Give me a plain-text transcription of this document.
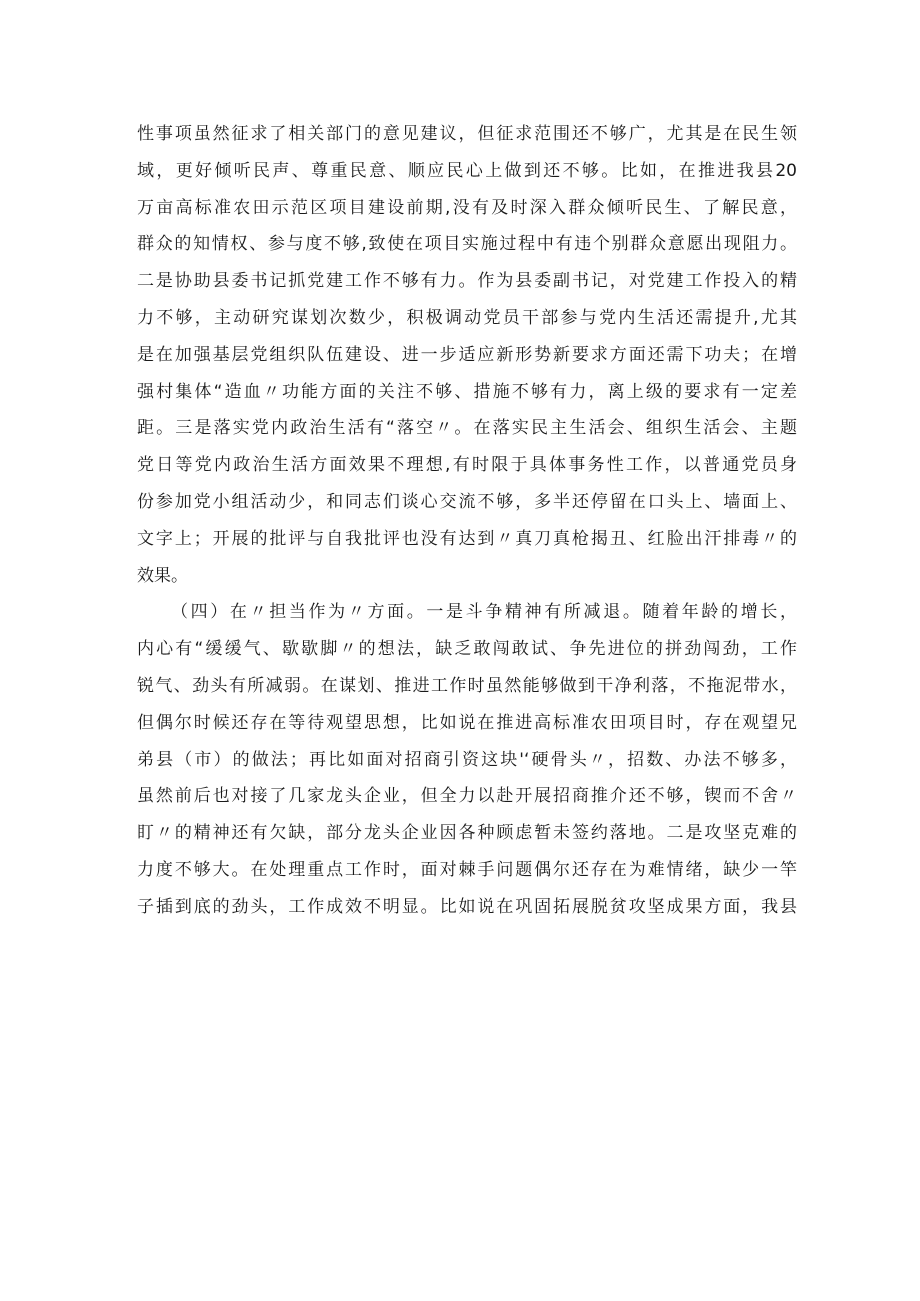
性事项虽然征求了相关部门的意见建议，但征求范围还不够广，尤其是在民生领
域，更好倾听民声、尊重民意、顺应民心上做到还不够。比如，在推进我县20
万亩高标准农田示范区项目建设前期,没有及时深入群众倾听民生、了解民意，
群众的知情权、参与度不够,致使在项目实施过程中有违个别群众意愿出现阻力。
二是协助县委书记抓党建工作不够有力。作为县委副书记，对党建工作投入的精
力不够，主动研究谋划次数少，积极调动党员干部参与党内生活还需提升,尤其
是在加强基层党组织队伍建设、进一步适应新形势新要求方面还需下功夫；在增
强村集体“造血〃功能方面的关注不够、措施不够有力，离上级的要求有一定差
距。三是落实党内政治生活有“落空〃。在落实民主生活会、组织生活会、主题
党日等党内政治生活方面效果不理想,有时限于具体事务性工作，以普通党员身
份参加党小组活动少，和同志们谈心交流不够，多半还停留在口头上、墙面上、
文字上；开展的批评与自我批评也没有达到〃真刀真枪揭丑、红脸出汗排毒〃的
效果。
（四）在〃担当作为〃方面。一是斗争精神有所减退。随着年龄的增长，
内心有“缓缓气、歇歇脚〃的想法，缺乏敢闯敢试、争先进位的拼劲闯劲，工作
锐气、劲头有所减弱。在谋划、推进工作时虽然能够做到干净利落，不拖泥带水，
但偶尔时候还存在等待观望思想，比如说在推进高标准农田项目时，存在观望兄
弟县（市）的做法；再比如面对招商引资这块'‘硬骨头〃，招数、办法不够多，
虽然前后也对接了几家龙头企业，但全力以赴开展招商推介还不够，锲而不舍〃
盯〃的精神还有欠缺，部分龙头企业因各种顾虑暂未签约落地。二是攻坚克难的
力度不够大。在处理重点工作时，面对棘手问题偶尔还存在为难情绪，缺少一竿
子插到底的劲头，工作成效不明显。比如说在巩固拓展脱贫攻坚成果方面，我县
